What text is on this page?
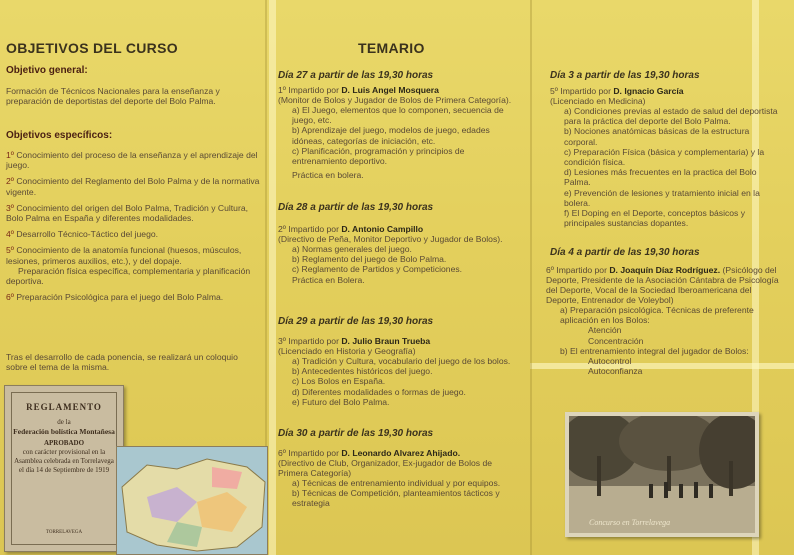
OBJETIVOS DEL CURSO
Objetivo general:
Formación de Técnicos Nacionales para la enseñanza y preparación de deportistas del deporte del Bolo Palma.
Objetivos específicos:
1º Conocimiento del proceso de la enseñanza y el aprendizaje del juego.
2º Conocimiento del Reglamento del Bolo Palma y de la normativa vigente.
3º Conocimiento del origen del Bolo Palma, Tradición y Cultura, Bolo Palma en España y diferentes modalidades.
4º Desarrollo Técnico-Táctico del juego.
5º Conocimiento de la anatomía funcional (huesos, músculos, lesiones, primeros auxilios, etc.), y del dopaje.
Preparación física específica, complementaria y planificación deportiva.
6º Preparación Psicológica para el juego del Bolo Palma.
Tras el desarrollo de cada ponencia, se realizará un coloquio sobre el tema de la misma.
REGLAMENTO
de la
Federación bolística Montañesa
APROBADO
con carácter provisional en la Asamblea celebrada en Torrelavega el día 14 de Septiembre de 1919
TORRELAVEGA
TEMARIO
Día 27 a partir de las 19,30 horas
1º Impartido por D. Luis Angel Mosquera
(Monitor de Bolos y Jugador de Bolos de Primera Categoría).
a) El Juego, elementos que lo componen, secuencia de juego, etc.
b) Aprendizaje del juego, modelos de juego, edades idóneas, categorías de iniciación, etc.
c) Planificación, programación y principios de entrenamiento deportivo.
Práctica en bolera.
Día 28 a partir de las 19,30 horas
2º Impartido por D. Antonio Campillo
(Directivo de Peña, Monitor Deportivo y Jugador de Bolos).
a) Normas generales del juego.
b) Reglamento del juego de Bolo Palma.
c) Reglamento de Partidos y Competiciones.
Práctica en Bolera.
Día 29 a partir de las 19,30 horas
3º Impartido por D. Julio Braun Trueba
(Licenciado en Historia y Geografía)
a) Tradición y Cultura, vocabulario del juego de los bolos.
b) Antecedentes históricos del juego.
c) Los Bolos en España.
d) Diferentes modalidades o formas de juego.
e) Futuro del Bolo Palma.
Día 30 a partir de las 19,30 horas
6º Impartido por D. Leonardo Alvarez Ahijado.
(Directivo de Club, Organizador, Ex-jugador de Bolos de Primera Categoría)
a) Técnicas de entrenamiento individual y por equipos.
b) Técnicas de Competición, planteamientos tácticos y estrategia
Día 3 a partir de las 19,30 horas
5º Impartido por D. Ignacio García
(Licenciado en Medicina)
a) Condiciones previas al estado de salud del deportista para la práctica del deporte del Bolo Palma.
b) Nociones anatómicas básicas de la estructura corporal.
c) Preparación Física (básica y complementaria) y la condición física.
d) Lesiones más frecuentes en la practica del Bolo Palma.
e) Prevención de lesiones y tratamiento inicial en la bolera.
f) El Doping en el Deporte, conceptos básicos y principales sustancias dopantes.
Día 4 a partir de las 19,30 horas
6º Impartido por D. Joaquín Díaz Rodríguez. (Psicólogo del Deporte, Presidente de la Asociación Cántabra de Psicología del Deporte, Vocal de la Sociedad Iberoamericana del Deporte, Entrenador de Voleybol)
a) Preparación psicológica. Técnicas de preferente aplicación en los Bolos:
Atención
Concentración
b) El entrenamiento integral del jugador de Bolos:
Autocontrol
Autoconfianza
Concurso en Torrelavega
